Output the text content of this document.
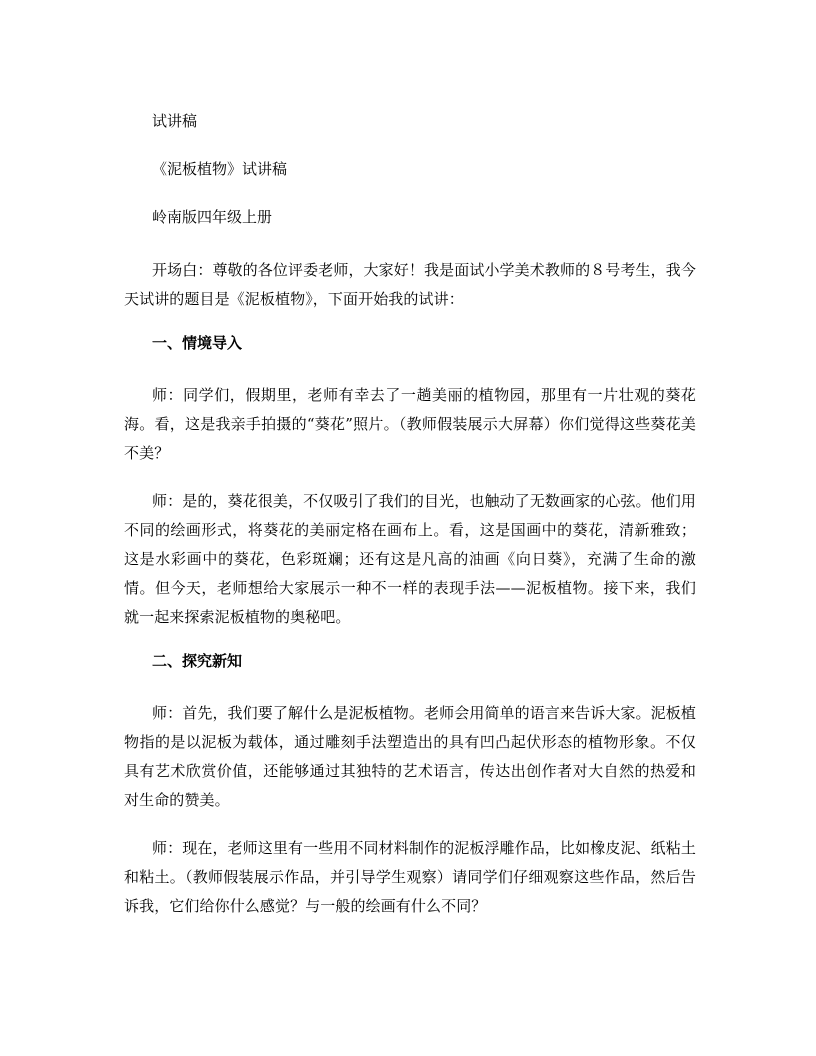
试讲稿
《泥板植物》试讲稿
岭南版四年级上册

开场白：尊敬的各位评委老师，大家好！我是面试小学美术教师的８号考生，我今天试讲的题目是《泥板植物》，下面开始我的试讲：

一、情境导入

师：同学们，假期里，老师有幸去了一趟美丽的植物园，那里有一片壮观的葵花海。看，这是我亲手拍摄的“葵花”照片。（教师假装展示大屏幕）你们觉得这些葵花美不美？

师：是的，葵花很美，不仅吸引了我们的目光，也触动了无数画家的心弦。他们用不同的绘画形式，将葵花的美丽定格在画布上。看，这是国画中的葵花，清新雅致；这是水彩画中的葵花，色彩斑斓；还有这是凡高的油画《向日葵》，充满了生命的激情。但今天，老师想给大家展示一种不一样的表现手法——泥板植物。接下来，我们就一起来探索泥板植物的奥秘吧。

二、探究新知

师：首先，我们要了解什么是泥板植物。老师会用简单的语言来告诉大家。泥板植物指的是以泥板为载体，通过雕刻手法塑造出的具有凹凸起伏形态的植物形象。不仅具有艺术欣赏价值，还能够通过其独特的艺术语言，传达出创作者对大自然的热爱和对生命的赞美。

师：现在，老师这里有一些用不同材料制作的泥板浮雕作品，比如橡皮泥、纸粘土和粘土。（教师假装展示作品，并引导学生观察）请同学们仔细观察这些作品，然后告诉我，它们给你什么感觉？与一般的绘画有什么不同？
